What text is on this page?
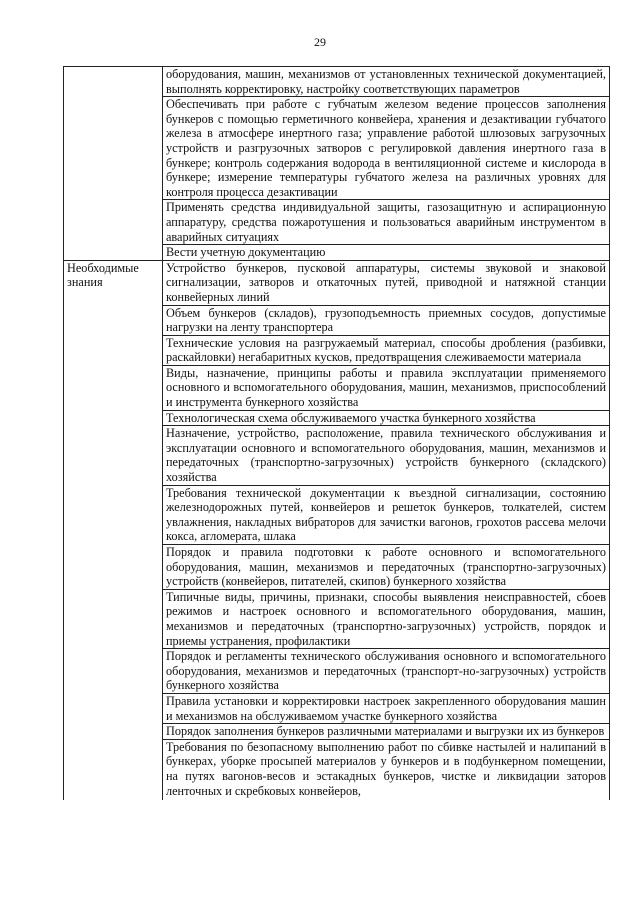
29

	оборудования, машин, механизмов от установленных технической документацией, выполнять корректировку, настройку соответствующих параметров

	Обеспечивать при работе с губчатым железом ведение процессов заполнения бункеров с помощью герметичного конвейера, хранения и дезактивации губчатого железа в атмосфере инертного газа; управление работой шлюзовых загрузочных устройств и разгрузочных затворов с регулировкой давления инертного газа в бункере; контроль содержания водорода в вентиляционной системе и кислорода в бункере; измерение температуры губчатого железа на различных уровнях для контроля процесса дезактивации

	Применять средства индивидуальной защиты, газозащитную и аспирационную аппаратуру, средства пожаротушения и пользоваться аварийным инструментом в аварийных ситуациях

	Вести учетную документацию

Необходимые знания	Устройство бункеров, пусковой аппаратуры, системы звуковой и знаковой сигнализации, затворов и откаточных путей, приводной и натяжной станции конвейерных линий

	Объем бункеров (складов), грузоподъемность приемных сосудов, допустимые нагрузки на ленту транспортера

	Технические условия на разгружаемый материал, способы дробления (разбивки, раскайловки) негабаритных кусков, предотвращения слеживаемости материала

	Виды, назначение, принципы работы и правила эксплуатации применяемого основного и вспомогательного оборудования, машин, механизмов, приспособлений и инструмента бункерного хозяйства

	Технологическая схема обслуживаемого участка бункерного хозяйства

	Назначение, устройство, расположение, правила технического обслуживания и эксплуатации основного и вспомогательного оборудования, машин, механизмов и передаточных (транспортно-загрузочных) устройств бункерного (складского) хозяйства

	Требования технической документации к въездной сигнализации, состоянию железнодорожных путей, конвейеров и решеток бункеров, толкателей, систем увлажнения, накладных вибраторов для зачистки вагонов, грохотов рассева мелочи кокса, агломерата, шлака

	Порядок и правила подготовки к работе основного и вспомогательного оборудования, машин, механизмов и передаточных (транспортно-загрузочных) устройств (конвейеров, питателей, скипов) бункерного хозяйства

	Типичные виды, причины, признаки, способы выявления неисправностей, сбоев режимов и настроек основного и вспомогательного оборудования, машин, механизмов и передаточных (транспортно-загрузочных) устройств, порядок и приемы устранения, профилактики

	Порядок и регламенты технического обслуживания основного и вспомогательного оборудования, механизмов и передаточных (транспорт-но-загрузочных) устройств бункерного хозяйства

	Правила установки и корректировки настроек закрепленного оборудования машин и механизмов на обслуживаемом участке бункерного хозяйства

	Порядок заполнения бункеров различными материалами и выгрузки их из бункеров

	Требования по безопасному выполнению работ по сбивке настылей и налипаний в бункерах, уборке просыпей материалов у бункеров и в подбункерном помещении, на путях вагонов-весов и эстакадных бункеров, чистке и ликвидации заторов ленточных и скребковых конвейеров,
